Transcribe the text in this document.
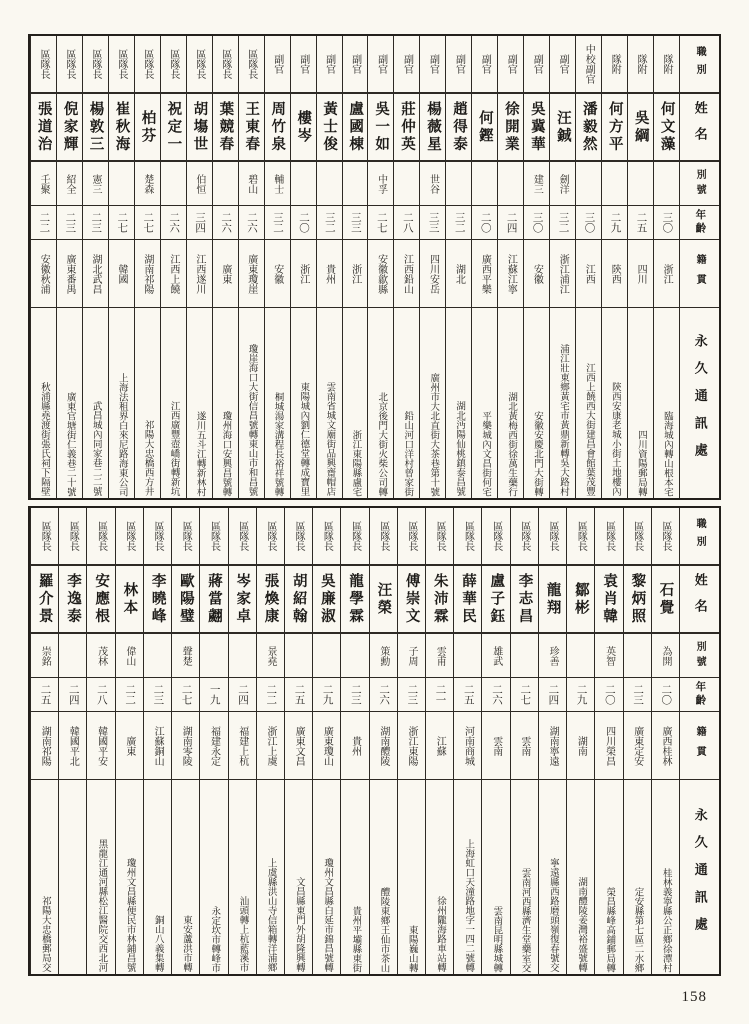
職別
姓名
別號
年齡
籍貫
永久通訊處
隊附
何文藻
三〇
浙江
臨海城內轉山根本宅
隊附
吳綱
二五
四川
四川資陽郵局轉
隊附
何方平
二九
陝西
陝西安康老城小街土地樓內
中校副官
潘毅然
三〇
江西
江西上饒西大街建昌會館葉茂豐
副官
汪鋮
劍洋
三二
浙江浦江
浦江壯東鄉黃宅市黃鼎新轉吳大路村
副官
吳冀華
建三
三〇
安徽
安徽安慶北門大街轉
副官
徐開業
二四
江蘇江寧
湖北黃梅西街徐萬生藥行
副官
何鏗
二〇
廣西平樂
平樂城內文昌街何宅
副官
趙得泰
三二
湖北
湖北沔陽仙桃鎮泰昌號
副官
楊薇星
世谷
三三
四川安岳
廣州市大北直街大茶巷第十號
副官
莊仲英
二八
江西鉛山
鉛山河口洋村曾家街
副官
吳一如
中孚
二七
安徽歙縣
北京後門大街火柴公司轉
副官
盧國棟
三三
浙江
浙江東陽縣盧宅
副官
黃士俊
三二
貴州
雲南省城文廟街品興齋帽店
副官
樓岑
二〇
浙江
東陽城內劉仁德堂轉成寶里
副官
周竹泉
輔士
三二
安徽
桐城湯家溝程長裕祥號轉
區隊長
王東春
碧山
二六
廣東瓊崖
瓊崖海口大街信昌號轉東山市和昌號
區隊長
葉競春
二六
廣東
瓊州海口安興昌號轉
區隊長
胡塲世
伯恒
三四
江西遂川
遂川五斗江轉新林村
區隊長
祝定一
二六
江西上饒
江西廣豐壺嶠街轉新坑
區隊長
柏芬
楚森
二七
湖南祁陽
祁陽大忠橋西方井
區隊長
崔秋海
二七
韓國
上海法租界白來尼路海東公司
區隊長
楊敦三
憲三
二三
湖北武昌
武昌城內同家巷二二號
區隊長
倪家輝
紹全
二三
廣東番禺
廣東官塘街仁義巷二十號
區隊長
張道治
壬聚
二二
安徽秋浦
秋浦縣堯渡街張氏祠下隔壁
職別
姓名
別號
年齡
籍貫
永久通訊處
區隊長
石覺
為開
二〇
廣西桂林
桂林義寧縣公正鄉徐潭村
區隊長
黎炳照
二三
廣東定安
定安縣第七區二水鄉
區隊長
袁肖韓
英智
二〇
四川榮昌
榮昌縣峰高鋪郵局轉
區隊長
鄒彬
二九
湖南
湖南醴陵姜灣裕盛號轉
區隊長
龍翔
珍善
二四
湖南寧遠
寧遠縣西路磨頭嶺復春號交
區隊長
李志昌
二七
雲南
雲南河西縣濟生堂藥室交
區隊長
盧子鈺
雄武
二六
雲南
雲南昆明縣城轉
區隊長
薛華民
二五
河南商城
上海虹口天潼路地字一四二號轉
區隊長
朱沛霖
雲甫
二一
江蘇
徐州隴海路車站轉
區隊長
傅崇文
子周
二三
浙江東陽
東陽巍山轉
區隊長
汪榮
策勳
二六
湖南醴陵
醴陵東鄉王仙市茶山
區隊長
龍學霖
二三
貴州
貴州平壩縣東街
區隊長
吳廉淑
二九
廣東瓊山
瓊州文昌縣白延市錦昌號轉
區隊長
胡紹翰
二五
廣東文昌
文昌縣東門外胡隆興轉
區隊長
張煥康
景堯
二二
浙江上虞
上虞縣洪山寺信箱轉洋浦鄉
區隊長
岑家卓
二四
福建上杭
汕頭轉上杭藍溪市
區隊長
蔣當翽
一九
福建永定
永定坎市轉峰市
區隊長
歐陽璧
聲楚
二七
湖南零陵
東安蘆洪市轉
區隊長
李曉峰
二三
江蘇銅山
銅山八義集轉
區隊長
林本
偉山
二二
廣東
瓊州文昌縣便民市林鋪昌號
區隊長
安應根
茂林
二八
韓國平安
黑龍江通河縣松江醫院交西北河
區隊長
李逸泰
二四
韓國平北
區隊長
羅介景
崇銘
二五
湖南祁陽
祁陽大忠橋郵局交
158
